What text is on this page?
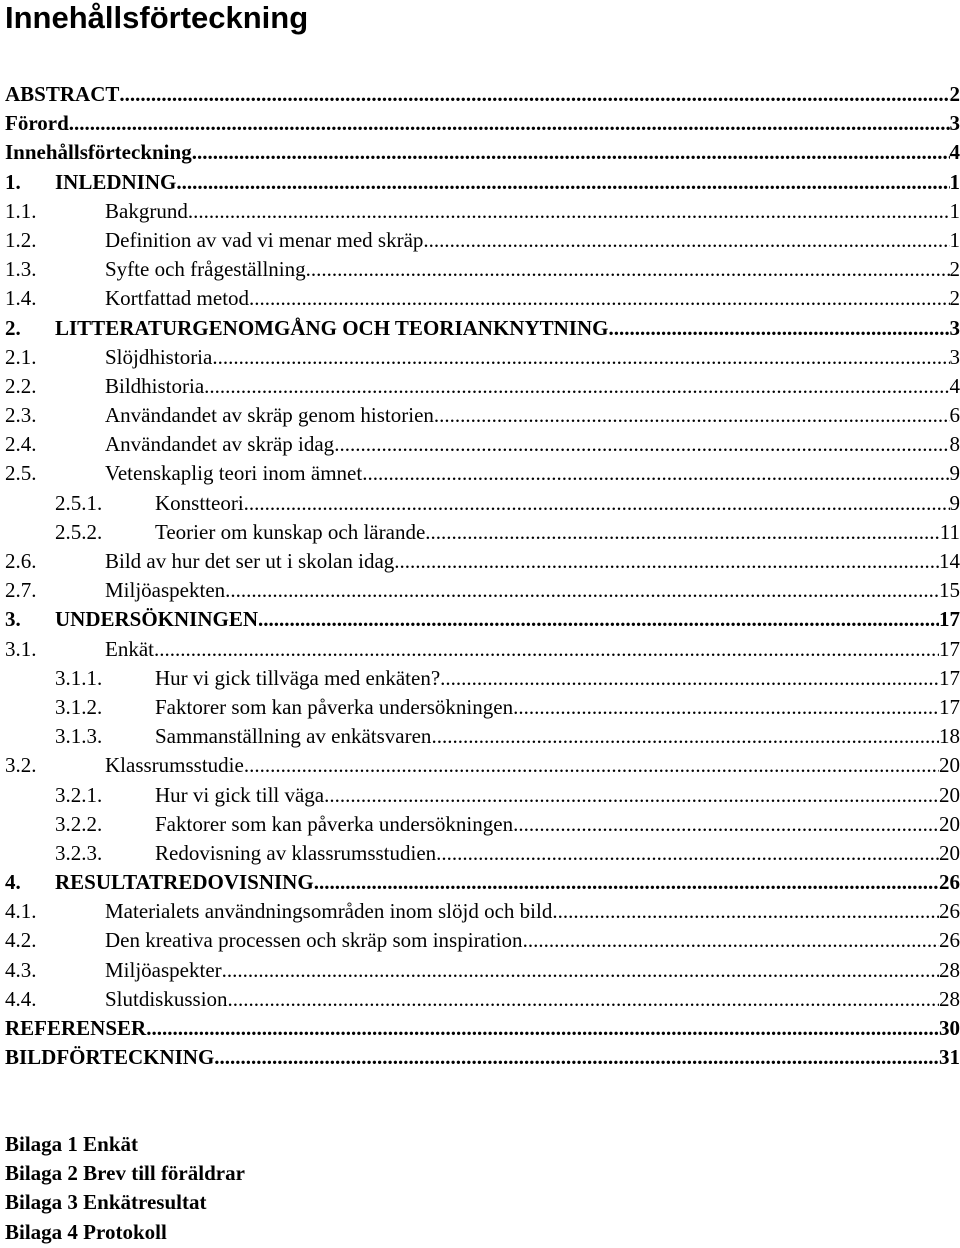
Innehållsförteckning
ABSTRACT .....	2
Förord .....	3
Innehållsförteckning .....	4
1.	INLEDNING .....	1
1.1.	Bakgrund .....	1
1.2.	Definition av vad vi menar med skräp .....	1
1.3.	Syfte och frågeställning .....	2
1.4.	Kortfattad metod .....	2
2.	LITTERATURGENOMGÅNG OCH TEORIANKNYTNING .....	3
2.1.	Slöjdhistoria .....	3
2.2.	Bildhistoria .....	4
2.3.	Användandet av skräp genom historien .....	6
2.4.	Användandet av skräp idag .....	8
2.5.	Vetenskaplig teori inom ämnet .....	9
2.5.1.	Konstteori .....	9
2.5.2.	Teorier om kunskap och lärande .....	11
2.6.	Bild av hur det ser ut i skolan idag .....	14
2.7.	Miljöaspekten .....	15
3.	UNDERSÖKNINGEN .....	17
3.1.	Enkät .....	17
3.1.1.	Hur vi gick tillväga med enkäten? .....	17
3.1.2.	Faktorer som kan påverka undersökningen .....	17
3.1.3.	Sammanställning av enkätsvaren .....	18
3.2.	Klassrumsstudie .....	20
3.2.1.	Hur vi gick till väga .....	20
3.2.2.	Faktorer som kan påverka undersökningen .....	20
3.2.3.	Redovisning av klassrumsstudien .....	20
4.	RESULTATREDOVISNING .....	26
4.1.	Materialets användningsområden inom slöjd och bild .....	26
4.2.	Den kreativa processen och skräp som inspiration .....	26
4.3.	Miljöaspekter .....	28
4.4.	Slutdiskussion .....	28
REFERENSER .....	30
BILDFÖRTECKNING .....	31
Bilaga 1 Enkät
Bilaga 2 Brev till föräldrar
Bilaga 3 Enkätresultat
Bilaga 4 Protokoll
